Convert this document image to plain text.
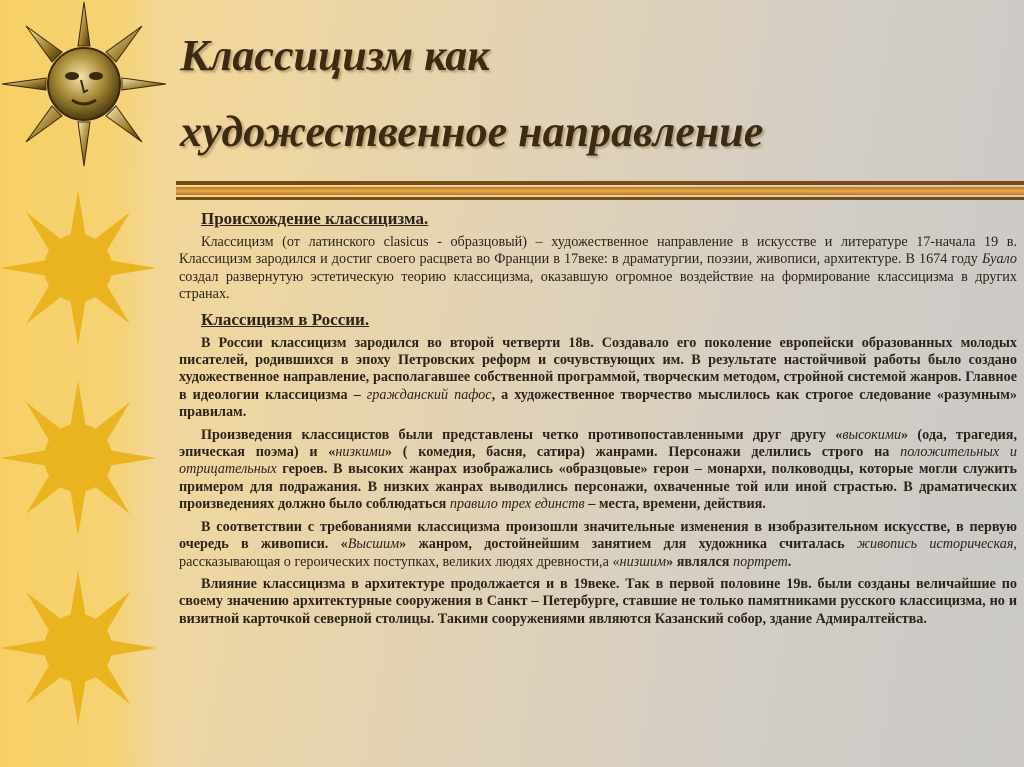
Классицизм как
художественное направление

Происхождение классицизма.

Классицизм (от латинского clasicus - образцовый) – художественное направление в искусстве и литературе 17-начала 19 в. Классицизм зародился и достиг своего расцвета во Франции в 17веке: в драматургии, поэзии, живописи, архитектуре. В 1674 году Буало создал развернутую эстетическую теорию классицизма, оказавшую огромное воздействие на формирование классицизма в других странах.

Классицизм в России.

В России классицизм зародился во второй четверти 18в. Создавало его поколение европейски образованных молодых писателей, родившихся в эпоху Петровских реформ и сочувствующих им. В результате настойчивой работы было создано художественное направление, располагавшее собственной программой, творческим методом, стройной системой жанров. Главное в идеологии классицизма – гражданский пафос, а художественное творчество мыслилось как строгое следование «разумным» правилам.

Произведения классицистов были представлены четко противопоставленными друг другу «высокими» (ода, трагедия, эпическая поэма) и «низкими» ( комедия, басня, сатира) жанрами. Персонажи делились строго на положительных и отрицательных героев. В высоких жанрах изображались «образцовые» герои – монархи, полководцы, которые могли служить примером для подражания. В низких жанрах выводились персонажи, охваченные той или иной страстью. В драматических произведениях должно было соблюдаться правило трех единств – места, времени, действия.

В соответствии с требованиями классицизма произошли значительные изменения в изобразительном искусстве, в первую очередь в живописи. «Высшим» жанром, достойнейшим занятием для художника считалась живопись историческая, рассказывающая о героических поступках, великих людях древности,а «низшим» являлся портрет.

Влияние классицизма в архитектуре продолжается и в 19веке. Так в первой половине 19в. были созданы величайшие по своему значению архитектурные сооружения в Санкт – Петербурге, ставшие не только памятниками русского классицизма, но и визитной карточкой северной столицы. Такими сооружениями являются Казанский собор, здание Адмиралтейства.
